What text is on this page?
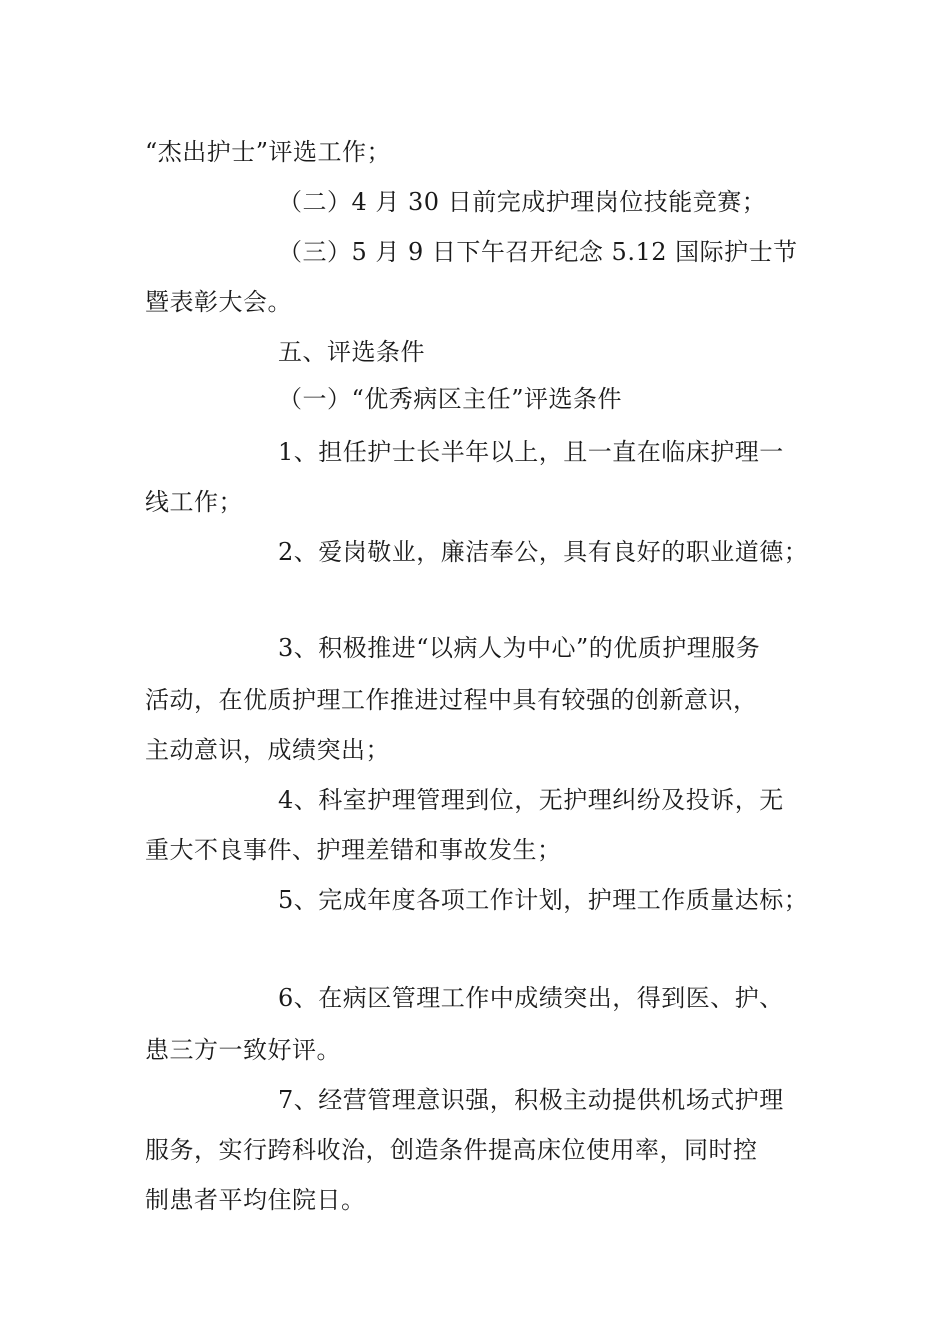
“杰出护士”评选工作；
（二）4 月 30 日前完成护理岗位技能竞赛；
（三）5 月 9 日下午召开纪念 5.12 国际护士节
暨表彰大会。
五、评选条件
（一）“优秀病区主任”评选条件
1、担任护士长半年以上，且一直在临床护理一
线工作；
2、爱岗敬业，廉洁奉公，具有良好的职业道德；
3、积极推进“以病人为中心”的优质护理服务
活动，在优质护理工作推进过程中具有较强的创新意识，
主动意识，成绩突出；
4、科室护理管理到位，无护理纠纷及投诉，无
重大不良事件、护理差错和事故发生；
5、完成年度各项工作计划，护理工作质量达标；
6、在病区管理工作中成绩突出，得到医、护、
患三方一致好评。
7、经营管理意识强，积极主动提供机场式护理
服务，实行跨科收治，创造条件提高床位使用率，同时控
制患者平均住院日。
